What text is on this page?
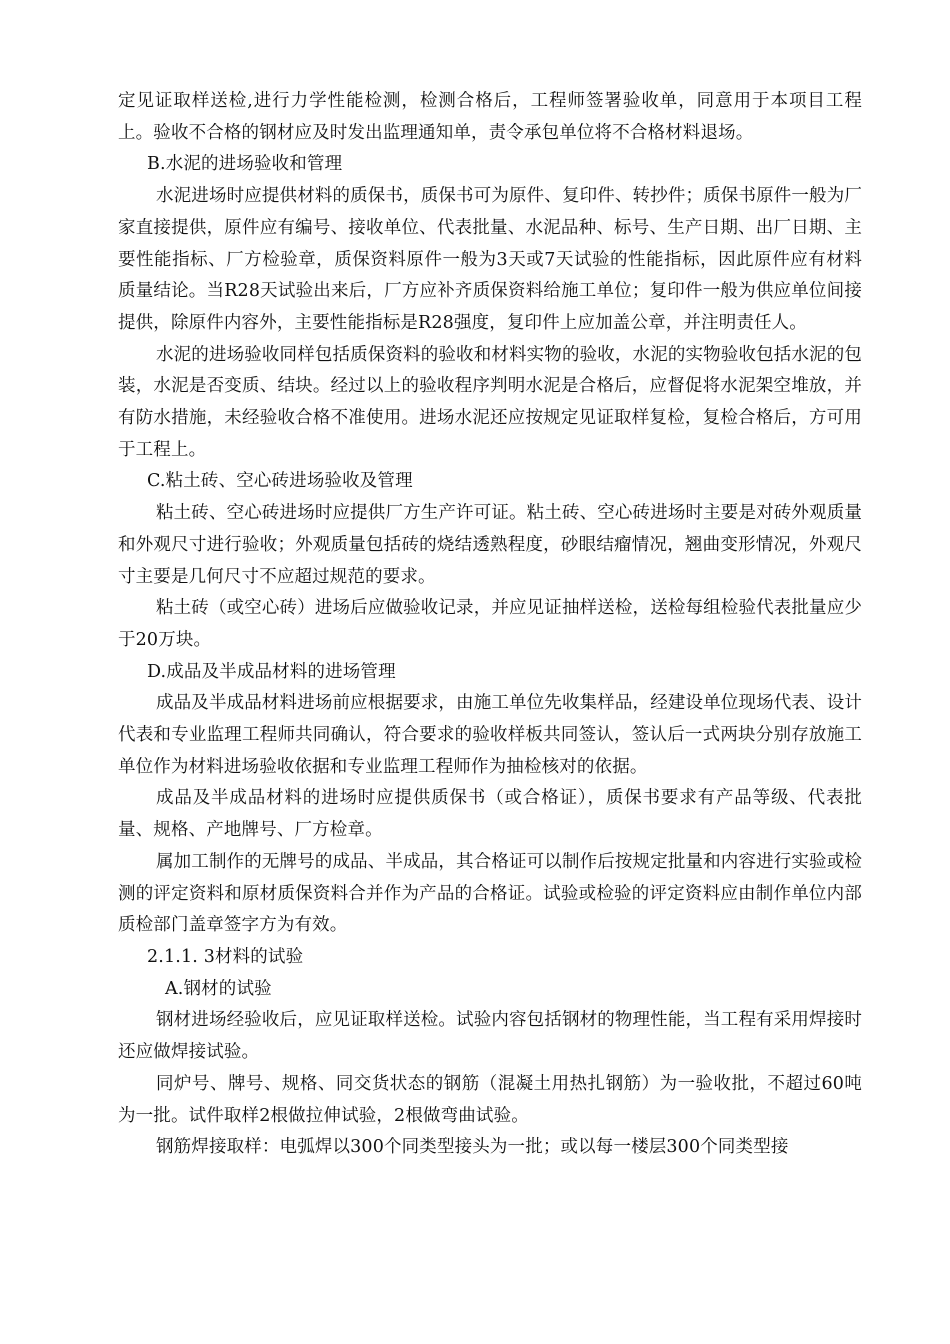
定见证取样送检,进行力学性能检测，检测合格后，工程师签署验收单，同意用于本项目工程上。验收不合格的钢材应及时发出监理通知单，责令承包单位将不合格材料退场。

B.水泥的进场验收和管理

水泥进场时应提供材料的质保书，质保书可为原件、复印件、转抄件；质保书原件一般为厂家直接提供，原件应有编号、接收单位、代表批量、水泥品种、标号、生产日期、出厂日期、主要性能指标、厂方检验章，质保资料原件一般为3天或7天试验的性能指标，因此原件应有材料质量结论。当R28天试验出来后，厂方应补齐质保资料给施工单位；复印件一般为供应单位间接提供，除原件内容外，主要性能指标是R28强度，复印件上应加盖公章，并注明责任人。

水泥的进场验收同样包括质保资料的验收和材料实物的验收，水泥的实物验收包括水泥的包装，水泥是否变质、结块。经过以上的验收程序判明水泥是合格后，应督促将水泥架空堆放，并有防水措施，未经验收合格不准使用。进场水泥还应按规定见证取样复检，复检合格后，方可用于工程上。

C.粘土砖、空心砖进场验收及管理

粘土砖、空心砖进场时应提供厂方生产许可证。粘土砖、空心砖进场时主要是对砖外观质量和外观尺寸进行验收；外观质量包括砖的烧结透熟程度，砂眼结瘤情况，翘曲变形情况，外观尺寸主要是几何尺寸不应超过规范的要求。

粘土砖（或空心砖）进场后应做验收记录，并应见证抽样送检，送检每组检验代表批量应少于20万块。

D.成品及半成品材料的进场管理

成品及半成品材料进场前应根据要求，由施工单位先收集样品，经建设单位现场代表、设计代表和专业监理工程师共同确认，符合要求的验收样板共同签认，签认后一式两块分别存放施工单位作为材料进场验收依据和专业监理工程师作为抽检核对的依据。

成品及半成品材料的进场时应提供质保书（或合格证），质保书要求有产品等级、代表批量、规格、产地牌号、厂方检章。

属加工制作的无牌号的成品、半成品，其合格证可以制作后按规定批量和内容进行实验或检测的评定资料和原材质保资料合并作为产品的合格证。试验或检验的评定资料应由制作单位内部质检部门盖章签字方为有效。

2.1.1. 3材料的试验

A.钢材的试验

钢材进场经验收后，应见证取样送检。试验内容包括钢材的物理性能，当工程有采用焊接时还应做焊接试验。

同炉号、牌号、规格、同交货状态的钢筋（混凝土用热扎钢筋）为一验收批，不超过60吨为一批。试件取样2根做拉伸试验，2根做弯曲试验。

钢筋焊接取样：电弧焊以300个同类型接头为一批；或以每一楼层300个同类型接
